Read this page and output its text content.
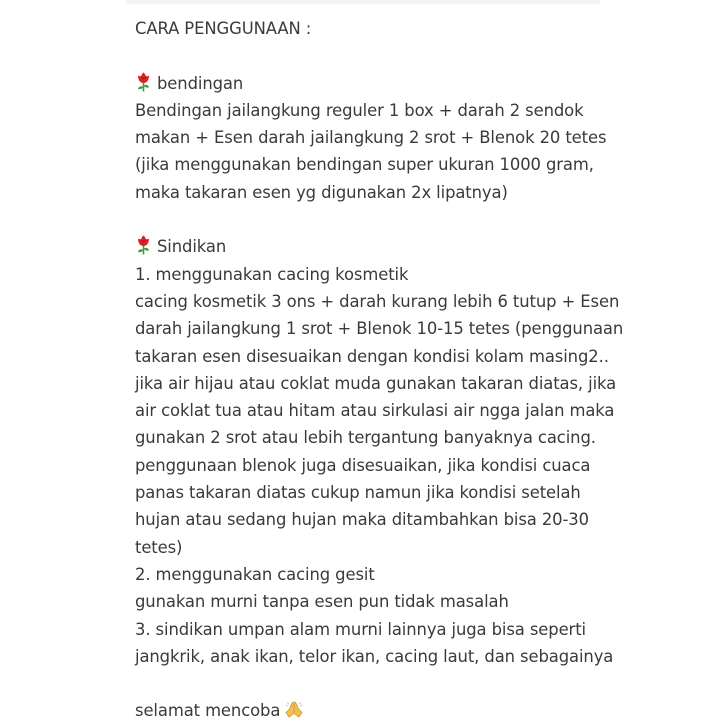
CARA PENGGUNAAN :
bendingan
Bendingan jailangkung reguler 1 box + darah 2 sendok
makan + Esen darah jailangkung 2 srot + Blenok 20 tetes
(jika menggunakan bendingan super ukuran 1000 gram,
maka takaran esen yg digunakan 2x lipatnya)
Sindikan
1. menggunakan cacing kosmetik
cacing kosmetik 3 ons + darah kurang lebih 6 tutup + Esen
darah jailangkung 1 srot + Blenok 10-15 tetes (penggunaan
takaran esen disesuaikan dengan kondisi kolam masing2..
jika air hijau atau coklat muda gunakan takaran diatas, jika
air coklat tua atau hitam atau sirkulasi air ngga jalan maka
gunakan 2 srot atau lebih tergantung banyaknya cacing.
penggunaan blenok juga disesuaikan, jika kondisi cuaca
panas takaran diatas cukup namun jika kondisi setelah
hujan atau sedang hujan maka ditambahkan bisa 20-30
tetes)
2. menggunakan cacing gesit
gunakan murni tanpa esen pun tidak masalah
3. sindikan umpan alam murni lainnya juga bisa seperti
jangkrik, anak ikan, telor ikan, cacing laut, dan sebagainya
selamat mencoba
